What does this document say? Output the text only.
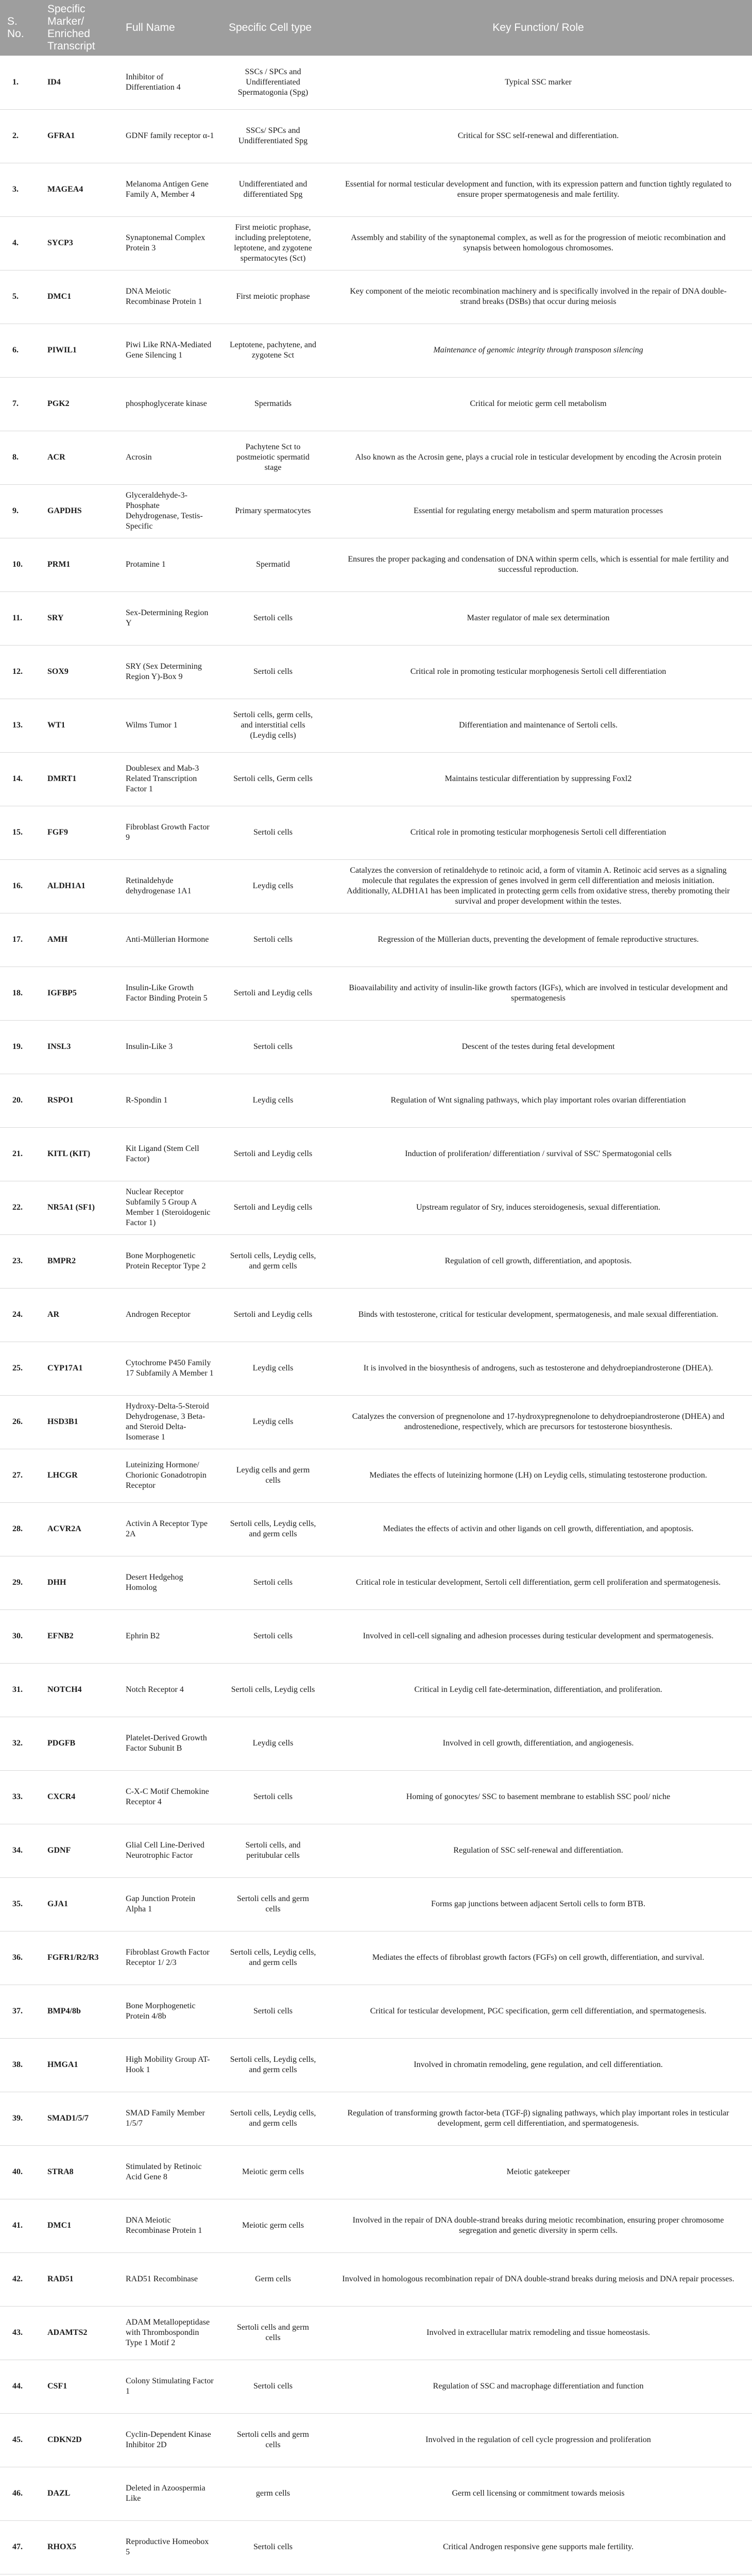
S. No.	Specific Marker/ Enriched Transcript	Full Name	Specific Cell type	Key Function/ Role
1.	ID4	Inhibitor of Differentiation 4	SSCs / SPCs and Undifferentiated Spermatogonia (Spg)	Typical SSC marker
2.	GFRA1	GDNF family receptor α-1	SSCs/ SPCs and Undifferentiated Spg	Critical for SSC self-renewal and differentiation.
3.	MAGEA4	Melanoma Antigen Gene Family A, Member 4	Undifferentiated and differentiated Spg	Essential for normal testicular development and function, with its expression pattern and function tightly regulated to ensure proper spermatogenesis and male fertility.
4.	SYCP3	Synaptonemal Complex Protein 3	First meiotic prophase, including preleptotene, leptotene, and zygotene spermatocytes (Sct)	Assembly and stability of the synaptonemal complex, as well as for the progression of meiotic recombination and synapsis between homologous chromosomes.
5.	DMC1	DNA Meiotic Recombinase Protein 1	First meiotic prophase	Key component of the meiotic recombination machinery and is specifically involved in the repair of DNA double-strand breaks (DSBs) that occur during meiosis
6.	PIWIL1	Piwi Like RNA-Mediated Gene Silencing 1	Leptotene, pachytene, and zygotene Sct	Maintenance of genomic integrity through transposon silencing
7.	PGK2	phosphoglycerate kinase	Spermatids	Critical for meiotic germ cell metabolism
8.	ACR	Acrosin	Pachytene Sct to postmeiotic spermatid stage	Also known as the Acrosin gene, plays a crucial role in testicular development by encoding the Acrosin protein
9.	GAPDHS	Glyceraldehyde-3-Phosphate Dehydrogenase, Testis-Specific	Primary spermatocytes	Essential for regulating energy metabolism and sperm maturation processes
10.	PRM1	Protamine 1	Spermatid	Ensures the proper packaging and condensation of DNA within sperm cells, which is essential for male fertility and successful reproduction.
11.	SRY	Sex-Determining Region Y	Sertoli cells	Master regulator of male sex determination
12.	SOX9	SRY (Sex Determining Region Y)-Box 9	Sertoli cells	Critical role in promoting testicular morphogenesis Sertoli cell differentiation
13.	WT1	Wilms Tumor 1	Sertoli cells, germ cells, and interstitial cells (Leydig cells)	Differentiation and maintenance of Sertoli cells.
14.	DMRT1	Doublesex and Mab-3 Related Transcription Factor 1	Sertoli cells, Germ cells	Maintains testicular differentiation by suppressing Foxl2
15.	FGF9	Fibroblast Growth Factor 9	Sertoli cells	Critical role in promoting testicular morphogenesis Sertoli cell differentiation
16.	ALDH1A1	Retinaldehyde dehydrogenase 1A1	Leydig cells	Catalyzes the conversion of retinaldehyde to retinoic acid, a form of vitamin A. Retinoic acid serves as a signaling molecule that regulates the expression of genes involved in germ cell differentiation and meiosis initiation. Additionally, ALDH1A1 has been implicated in protecting germ cells from oxidative stress, thereby promoting their survival and proper development within the testes.
17.	AMH	Anti-Müllerian Hormone	Sertoli cells	Regression of the Müllerian ducts, preventing the development of female reproductive structures.
18.	IGFBP5	Insulin-Like Growth Factor Binding Protein 5	Sertoli and Leydig cells	Bioavailability and activity of insulin-like growth factors (IGFs), which are involved in testicular development and spermatogenesis
19.	INSL3	Insulin-Like 3	Sertoli cells	Descent of the testes during fetal development
20.	RSPO1	R-Spondin 1	Leydig cells	Regulation of Wnt signaling pathways, which play important roles ovarian differentiation
21.	KITL (KIT)	Kit Ligand (Stem Cell Factor)	Sertoli and Leydig cells	Induction of proliferation/ differentiation / survival of SSC' Spermatogonial cells
22.	NR5A1 (SF1)	Nuclear Receptor Subfamily 5 Group A Member 1 (Steroidogenic Factor 1)	Sertoli and Leydig cells	Upstream regulator of Sry, induces steroidogenesis, sexual differentiation.
23.	BMPR2	Bone Morphogenetic Protein Receptor Type 2	Sertoli cells, Leydig cells, and germ cells	Regulation of cell growth, differentiation, and apoptosis.
24.	AR	Androgen Receptor	Sertoli and Leydig cells	Binds with testosterone, critical for testicular development, spermatogenesis, and male sexual differentiation.
25.	CYP17A1	Cytochrome P450 Family 17 Subfamily A Member 1	Leydig cells	It is involved in the biosynthesis of androgens, such as testosterone and dehydroepiandrosterone (DHEA).
26.	HSD3B1	Hydroxy-Delta-5-Steroid Dehydrogenase, 3 Beta- and Steroid Delta-Isomerase 1	Leydig cells	Catalyzes the conversion of pregnenolone and 17-hydroxypregnenolone to dehydroepiandrosterone (DHEA) and androstenedione, respectively, which are precursors for testosterone biosynthesis.
27.	LHCGR	Luteinizing Hormone/ Chorionic Gonadotropin Receptor	Leydig cells and germ cells	Mediates the effects of luteinizing hormone (LH) on Leydig cells, stimulating testosterone production.
28.	ACVR2A	Activin A Receptor Type 2A	Sertoli cells, Leydig cells, and germ cells	Mediates the effects of activin and other ligands on cell growth, differentiation, and apoptosis.
29.	DHH	Desert Hedgehog Homolog	Sertoli cells	Critical role in testicular development, Sertoli cell differentiation, germ cell proliferation and spermatogenesis.
30.	EFNB2	Ephrin B2	Sertoli cells	Involved in cell-cell signaling and adhesion processes during testicular development and spermatogenesis.
31.	NOTCH4	Notch Receptor 4	Sertoli cells, Leydig cells	Critical in Leydig cell fate-determination, differentiation, and proliferation.
32.	PDGFB	Platelet-Derived Growth Factor Subunit B	Leydig cells	Involved in cell growth, differentiation, and angiogenesis.
33.	CXCR4	C-X-C Motif Chemokine Receptor 4	Sertoli cells	Homing of gonocytes/ SSC to basement membrane to establish SSC pool/ niche
34.	GDNF	Glial Cell Line-Derived Neurotrophic Factor	Sertoli cells, and peritubular cells	Regulation of SSC self-renewal and differentiation.
35.	GJA1	Gap Junction Protein Alpha 1	Sertoli cells and germ cells	Forms gap junctions between adjacent Sertoli cells to form BTB.
36.	FGFR1/R2/R3	Fibroblast Growth Factor Receptor 1/ 2/3	Sertoli cells, Leydig cells, and germ cells	Mediates the effects of fibroblast growth factors (FGFs) on cell growth, differentiation, and survival.
37.	BMP4/8b	Bone Morphogenetic Protein 4/8b	Sertoli cells	Critical for testicular development, PGC specification, germ cell differentiation, and spermatogenesis.
38.	HMGA1	High Mobility Group AT-Hook 1	Sertoli cells, Leydig cells, and germ cells	Involved in chromatin remodeling, gene regulation, and cell differentiation.
39.	SMAD1/5/7	SMAD Family Member 1/5/7	Sertoli cells, Leydig cells, and germ cells	Regulation of transforming growth factor-beta (TGF-β) signaling pathways, which play important roles in testicular development, germ cell differentiation, and spermatogenesis.
40.	STRA8	Stimulated by Retinoic Acid Gene 8	Meiotic germ cells	Meiotic gatekeeper
41.	DMC1	DNA Meiotic Recombinase Protein 1	Meiotic germ cells	Involved in the repair of DNA double-strand breaks during meiotic recombination, ensuring proper chromosome segregation and genetic diversity in sperm cells.
42.	RAD51	RAD51 Recombinase	Germ cells	Involved in homologous recombination repair of DNA double-strand breaks during meiosis and DNA repair processes.
43.	ADAMTS2	ADAM Metallopeptidase with Thrombospondin Type 1 Motif 2	Sertoli cells and germ cells	Involved in extracellular matrix remodeling and tissue homeostasis.
44.	CSF1	Colony Stimulating Factor 1	Sertoli cells	Regulation of SSC and macrophage differentiation and function
45.	CDKN2D	Cyclin-Dependent Kinase Inhibitor 2D	Sertoli cells and germ cells	Involved in the regulation of cell cycle progression and proliferation
46.	DAZL	Deleted in Azoospermia Like	germ cells	Germ cell licensing or commitment towards meiosis
47.	RHOX5	Reproductive Homeobox 5	Sertoli cells	Critical Androgen responsive gene supports male fertility.
